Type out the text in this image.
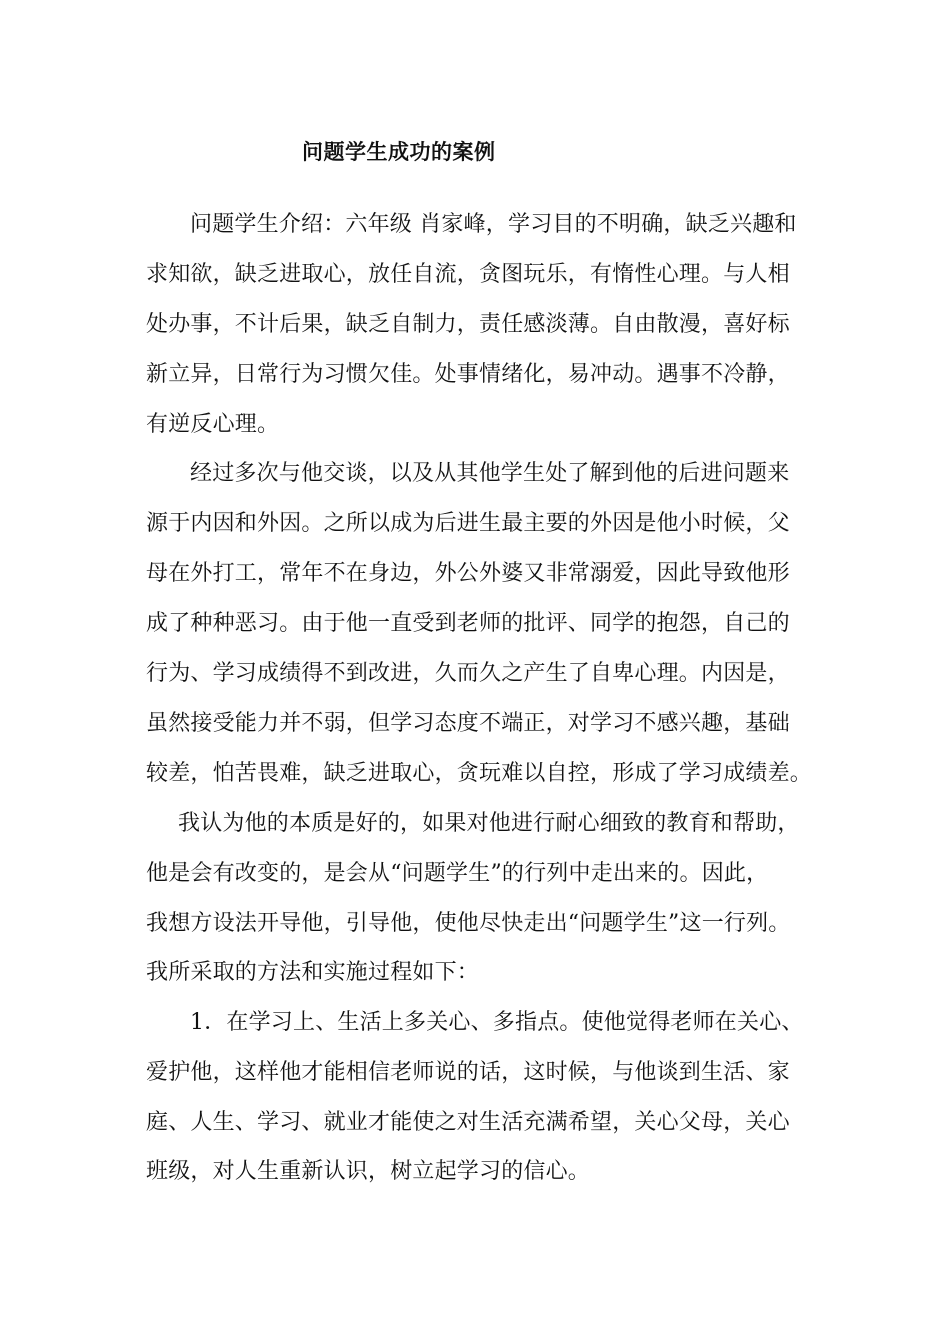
问题学生成功的案例
问题学生介绍：六年级 肖家峰，学习目的不明确，缺乏兴趣和
求知欲，缺乏进取心，放任自流，贪图玩乐，有惰性心理。与人相
处办事，不计后果，缺乏自制力，责任感淡薄。自由散漫，喜好标
新立异，日常行为习惯欠佳。处事情绪化，易冲动。遇事不冷静，
有逆反心理。
经过多次与他交谈，以及从其他学生处了解到他的后进问题来
源于内因和外因。之所以成为后进生最主要的外因是他小时候，父
母在外打工，常年不在身边，外公外婆又非常溺爱，因此导致他形
成了种种恶习。由于他一直受到老师的批评、同学的抱怨，自己的
行为、学习成绩得不到改进，久而久之产生了自卑心理。内因是，
虽然接受能力并不弱，但学习态度不端正，对学习不感兴趣，基础
较差，怕苦畏难，缺乏进取心，贪玩难以自控，形成了学习成绩差。
我认为他的本质是好的，如果对他进行耐心细致的教育和帮助，
他是会有改变的，是会从“问题学生”的行列中走出来的。因此，
我想方设法开导他，引导他，使他尽快走出“问题学生”这一行列。
我所采取的方法和实施过程如下：
1．在学习上、生活上多关心、多指点。使他觉得老师在关心、
爱护他，这样他才能相信老师说的话，这时候，与他谈到生活、家
庭、人生、学习、就业才能使之对生活充满希望，关心父母，关心
班级，对人生重新认识，树立起学习的信心。
